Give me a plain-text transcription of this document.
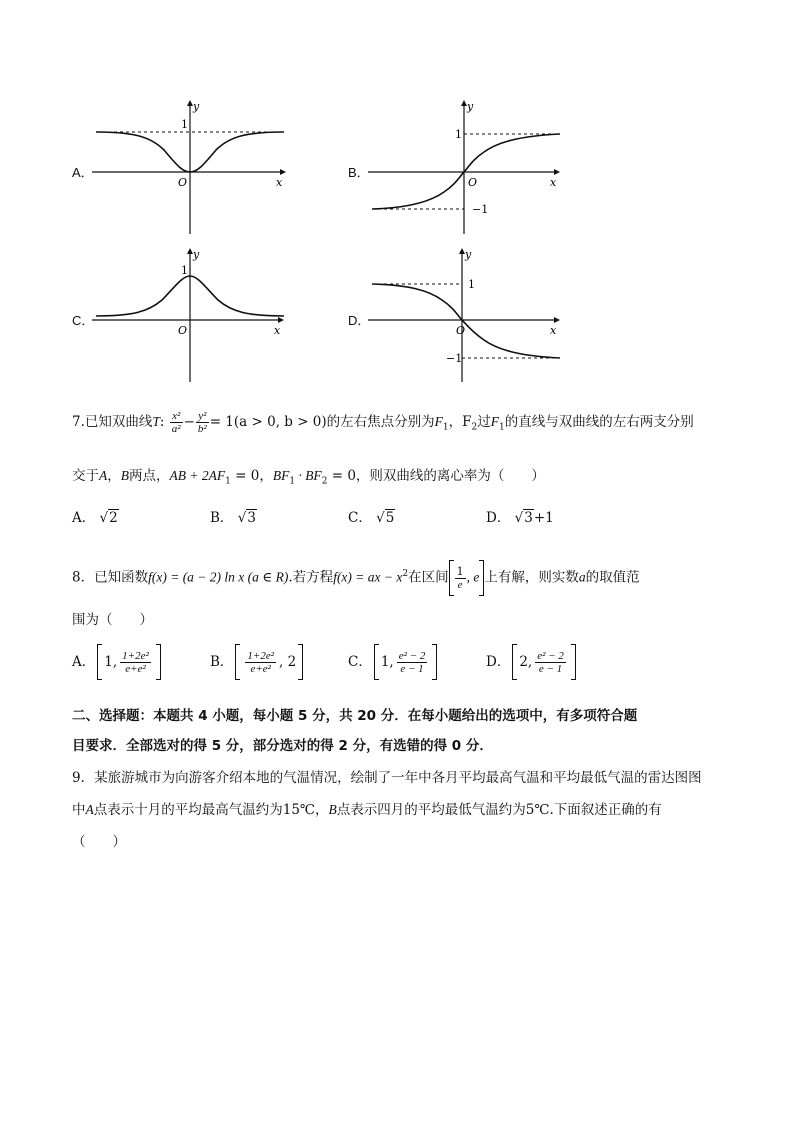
A．
y
x
O
1
B．
y
x
O
1
−1
C．
y
x
O
1
D．
y
x
O
1
−1
7.已知双曲线T: $\frac{\text{x²}}{\text{a²}} - \frac{\text{y²}}{\text{b²}} = 1(a > 0$, b > 0)的左右焦点分别为$F_1$，$F_2$过$F_1$的直线与双曲线的左右两支分别
交于A，B两点，AB + $2AF_1 = 0$，$BF_1 \cdot BF_2 = 0$，则双曲线的离心率为（　　）
A． √2	B． √3	C． √5	D． √3+1
8．已知函数f(x) = (a − 2) ln x (a ∈ R).若方程f(x) = ax − $x^2$在区间 $\frac{1}{e}$ , e 上有解，则实数a的取值范
围为（　　）
A． 1, $\frac{\text{1+2e²}}{\text{e+e²}}$	B． $\frac{\text{1+2e²}}{\text{e+e²}}$ , 2	C． 1, $\frac{\text{e² − 2}}{e - 1}$	D． 2, $\frac{\text{e² − 2}}{e - 1}$
二、选择题：本题共 4 小题，每小题 5 分，共 20 分．在每小题给出的选项中，有多项符合题
目要求．全部选对的得 5 分，部分选对的得 2 分，有选错的得 0 分．
9．某旅游城市为向游客介绍本地的气温情况，绘制了一年中各月平均最高气温和平均最低气温的雷达图图
中A点表示十月的平均最高气温约为15℃，B点表示四月的平均最低气温约为5℃.下面叙述正确的有
（　　）
